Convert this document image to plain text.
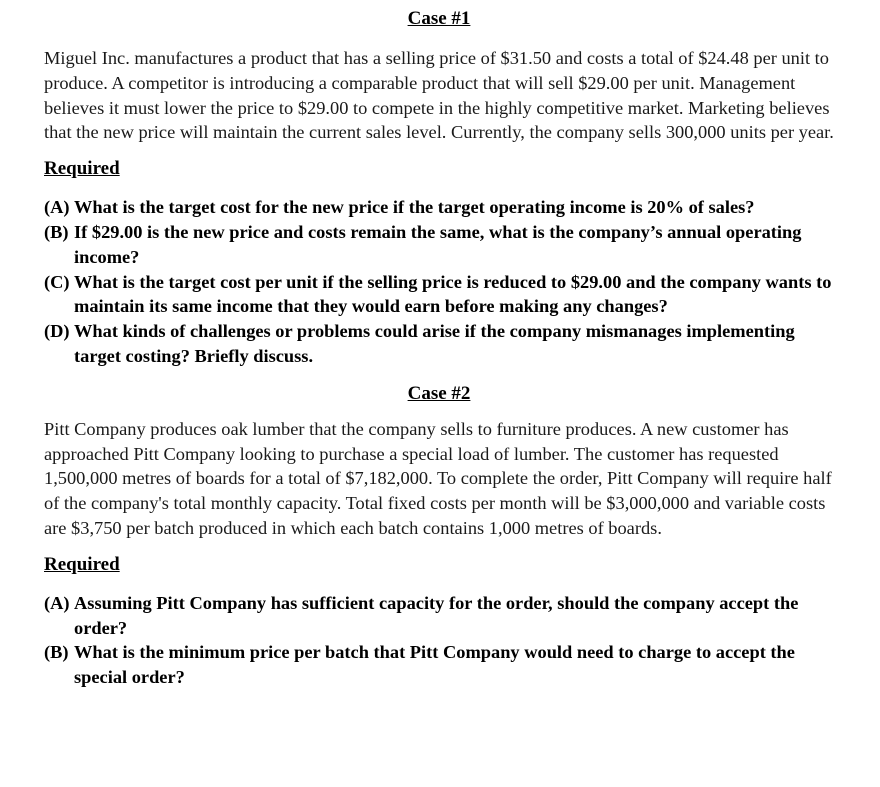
Case #1

Miguel Inc. manufactures a product that has a selling price of $31.50 and costs a total of $24.48 per unit to produce. A competitor is introducing a comparable product that will sell $29.00 per unit. Management believes it must lower the price to $29.00 to compete in the highly competitive market. Marketing believes that the new price will maintain the current sales level. Currently, the company sells 300,000 units per year.

Required
(A) What is the target cost for the new price if the target operating income is 20% of sales?
(B) If $29.00 is the new price and costs remain the same, what is the company’s annual operating income?
(C) What is the target cost per unit if the selling price is reduced to $29.00 and the company wants to maintain its same income that they would earn before making any changes?
(D) What kinds of challenges or problems could arise if the company mismanages implementing target costing? Briefly discuss.
Case #2

Pitt Company produces oak lumber that the company sells to furniture produces. A new customer has approached Pitt Company looking to purchase a special load of lumber. The customer has requested 1,500,000 metres of boards for a total of $7,182,000. To complete the order, Pitt Company will require half of the company's total monthly capacity. Total fixed costs per month will be $3,000,000 and variable costs are $3,750 per batch produced in which each batch contains 1,000 metres of boards.

Required
(A) Assuming Pitt Company has sufficient capacity for the order, should the company accept the order?
(B) What is the minimum price per batch that Pitt Company would need to charge to accept the special order?
